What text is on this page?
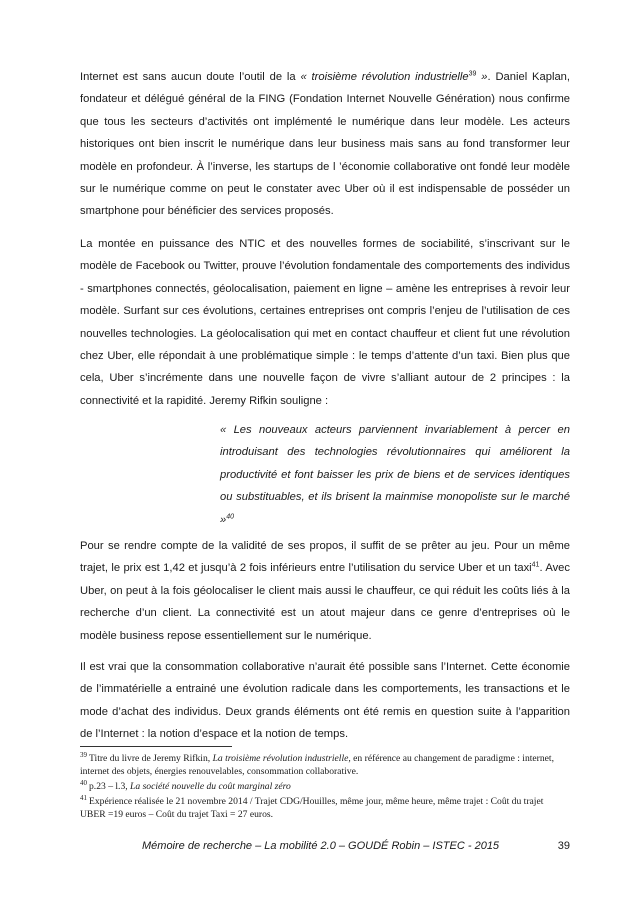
Internet est sans aucun doute l’outil de la « troisième révolution industrielle$^{39}$ ». Daniel Kaplan, fondateur et délégué général de la FING (Fondation Internet Nouvelle Génération) nous confirme que tous les secteurs d’activités ont implémenté le numérique dans leur modèle. Les acteurs historiques ont bien inscrit le numérique dans leur business mais sans au fond transformer leur modèle en profondeur. À l’inverse, les startups de l ’économie collaborative ont fondé leur modèle sur le numérique comme on peut le constater avec Uber où il est indispensable de posséder un smartphone pour bénéficier des services proposés.

La montée en puissance des NTIC et des nouvelles formes de sociabilité, s’inscrivant sur le modèle de Facebook ou Twitter, prouve l’évolution fondamentale des comportements des individus - smartphones connectés, géolocalisation, paiement en ligne – amène les entreprises à revoir leur modèle. Surfant sur ces évolutions, certaines entreprises ont compris l’enjeu de l’utilisation de ces nouvelles technologies. La géolocalisation qui met en contact chauffeur et client fut une révolution chez Uber, elle répondait à une problématique simple : le temps d’attente d’un taxi. Bien plus que cela, Uber s’incrémente dans une nouvelle façon de vivre s’alliant autour de 2 principes : la connectivité et la rapidité. Jeremy Rifkin souligne :

« Les nouveaux acteurs parviennent invariablement à percer en introduisant des technologies révolutionnaires qui améliorent la productivité et font baisser les prix de biens et de services identiques ou substituables, et ils brisent la mainmise monopoliste sur le marché »$^{40}$

Pour se rendre compte de la validité de ses propos, il suffit de se prêter au jeu. Pour un même trajet, le prix est 1,42 et jusqu’à 2 fois inférieurs entre l’utilisation du service Uber et un taxi$^{41}$. Avec Uber, on peut à la fois géolocaliser le client mais aussi le chauffeur, ce qui réduit les coûts liés à la recherche d’un client. La connectivité est un atout majeur dans ce genre d’entreprises où le modèle business repose essentiellement sur le numérique.

Il est vrai que la consommation collaborative n’aurait été possible sans l’Internet. Cette économie de l’immatérielle a entrainé une évolution radicale dans les comportements, les transactions et le mode d’achat des individus. Deux grands éléments ont été remis en question suite à l’apparition de l’Internet : la notion d’espace et la notion de temps.

$^{39}$ Titre du livre de Jeremy Rifkin, La troisième révolution industrielle, en référence au changement de paradigme : internet, internet des objets, énergies renouvelables, consommation collaborative.

$^{40}$ p.23 – l.3, La société nouvelle du coût marginal zéro

$^{41}$ Expérience réalisée le 21 novembre 2014 / Trajet CDG/Houilles, même jour, même heure, même trajet : Coût du trajet UBER =19 euros – Coût du trajet Taxi = 27 euros.

Mémoire de recherche – La mobilité 2.0 – GOUDÉ Robin – ISTEC - 2015	39
